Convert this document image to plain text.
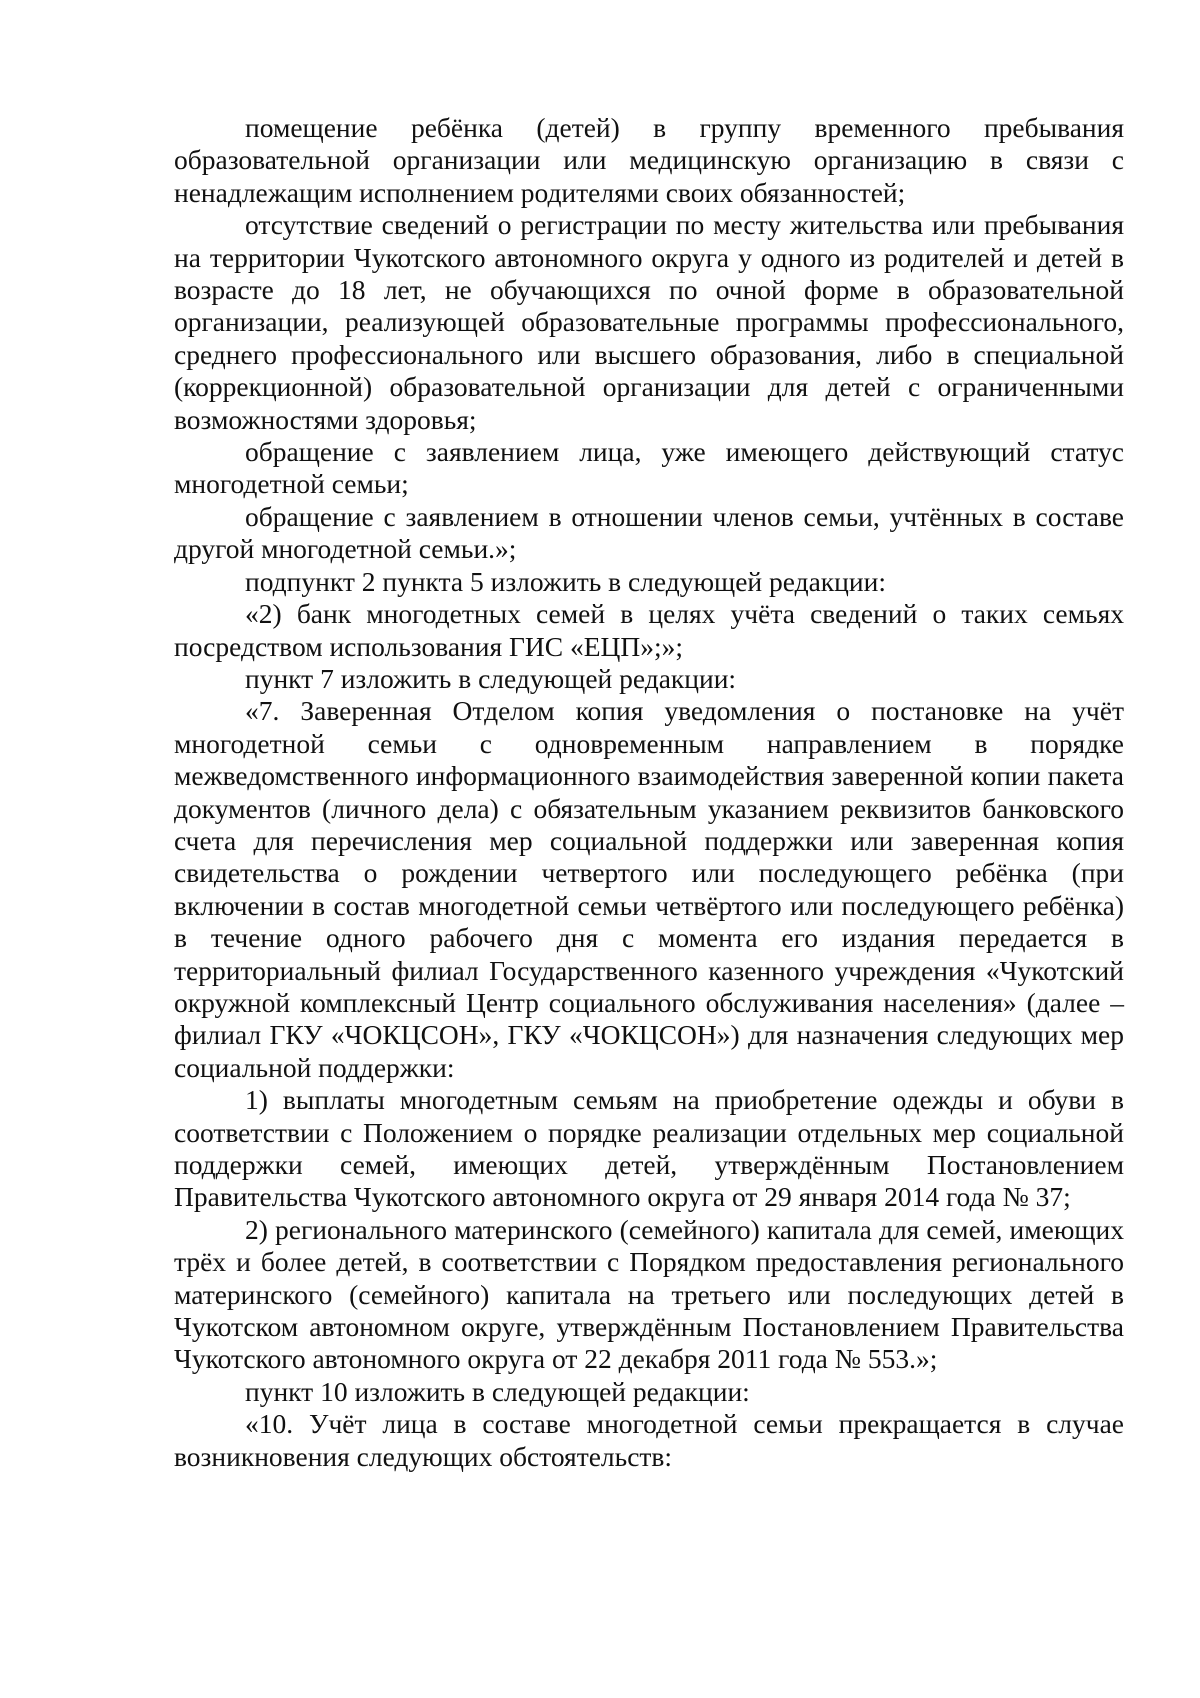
помещение ребёнка (детей) в группу временного пребывания образовательной организации или медицинскую организацию в связи с ненадлежащим исполнением родителями своих обязанностей;

отсутствие сведений о регистрации по месту жительства или пребывания на территории Чукотского автономного округа у одного из родителей и детей в возрасте до 18 лет, не обучающихся по очной форме в образовательной организации, реализующей образовательные программы профессионального, среднего профессионального или высшего образования, либо в специальной (коррекционной) образовательной организации для детей с ограниченными возможностями здоровья;

обращение с заявлением лица, уже имеющего действующий статус многодетной семьи;

обращение с заявлением в отношении членов семьи, учтённых в составе другой многодетной семьи.»;

подпункт 2 пункта 5 изложить в следующей редакции:

«2) банк многодетных семей в целях учёта сведений о таких семьях посредством использования ГИС «ЕЦП»;»;

пункт 7 изложить в следующей редакции:

«7. Заверенная Отделом копия уведомления о постановке на учёт многодетной семьи с одновременным направлением в порядке межведомственного информационного взаимодействия заверенной копии пакета документов (личного дела) с обязательным указанием реквизитов банковского счета для перечисления мер социальной поддержки или заверенная копия свидетельства о рождении четвертого или последующего ребёнка (при включении в состав многодетной семьи четвёртого или последующего ребёнка) в течение одного рабочего дня с момента его издания передается в территориальный филиал Государственного казенного учреждения «Чукотский окружной комплексный Центр социального обслуживания населения» (далее – филиал ГКУ «ЧОКЦСОН», ГКУ «ЧОКЦСОН») для назначения следующих мер социальной поддержки:

1) выплаты многодетным семьям на приобретение одежды и обуви в соответствии с Положением о порядке реализации отдельных мер социальной поддержки семей, имеющих детей, утверждённым Постановлением Правительства Чукотского автономного округа от 29 января 2014 года № 37;

2) регионального материнского (семейного) капитала для семей, имеющих трёх и более детей, в соответствии с Порядком предоставления регионального материнского (семейного) капитала на третьего или последующих детей в Чукотском автономном округе, утверждённым Постановлением Правительства Чукотского автономного округа от 22 декабря 2011 года № 553.»;

пункт 10 изложить в следующей редакции:

«10. Учёт лица в составе многодетной семьи прекращается в случае возникновения следующих обстоятельств:
